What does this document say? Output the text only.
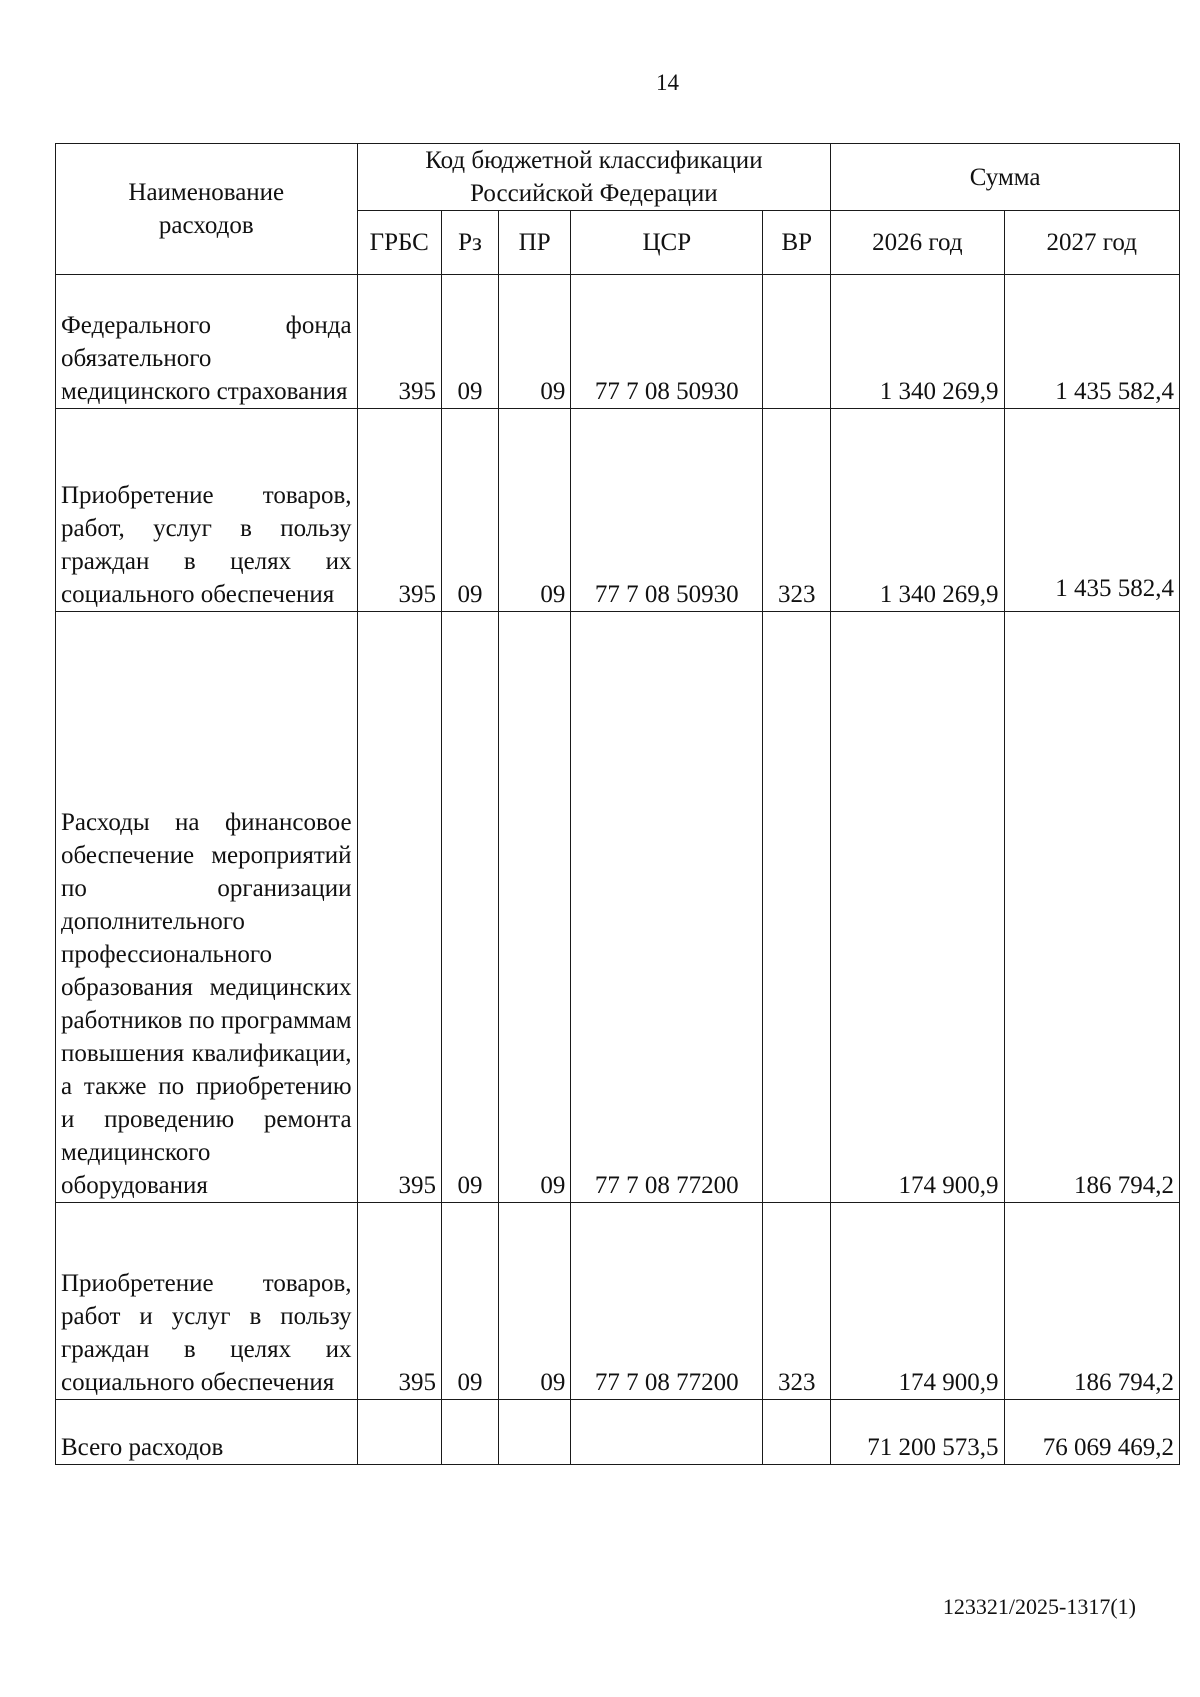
14
Наименование расходов	Код бюджетной классификации Российской Федерации					Сумма	
	ГРБС	Рз	ПР	ЦСР	ВР	2026 год	2027 год
Федерального фонда обязательного медицинского страхования	395	09	09	77 7 08 50930		1 340 269,9	1 435 582,4
Приобретение товаров, работ, услуг в пользу граждан в целях их социального обеспечения	395	09	09	77 7 08 50930	323	1 340 269,9	1 435 582,4
Расходы на финансовое обеспечение мероприятий по организации дополнительного профессионального образования медицинских работников по программам повышения квалификации, а также по приобретению и проведению ремонта медицинского оборудования	395	09	09	77 7 08 77200		174 900,9	186 794,2
Приобретение товаров, работ и услуг в пользу граждан в целях их социального обеспечения	395	09	09	77 7 08 77200	323	174 900,9	186 794,2
Всего расходов						71 200 573,5	76 069 469,2
123321/2025-1317(1)
